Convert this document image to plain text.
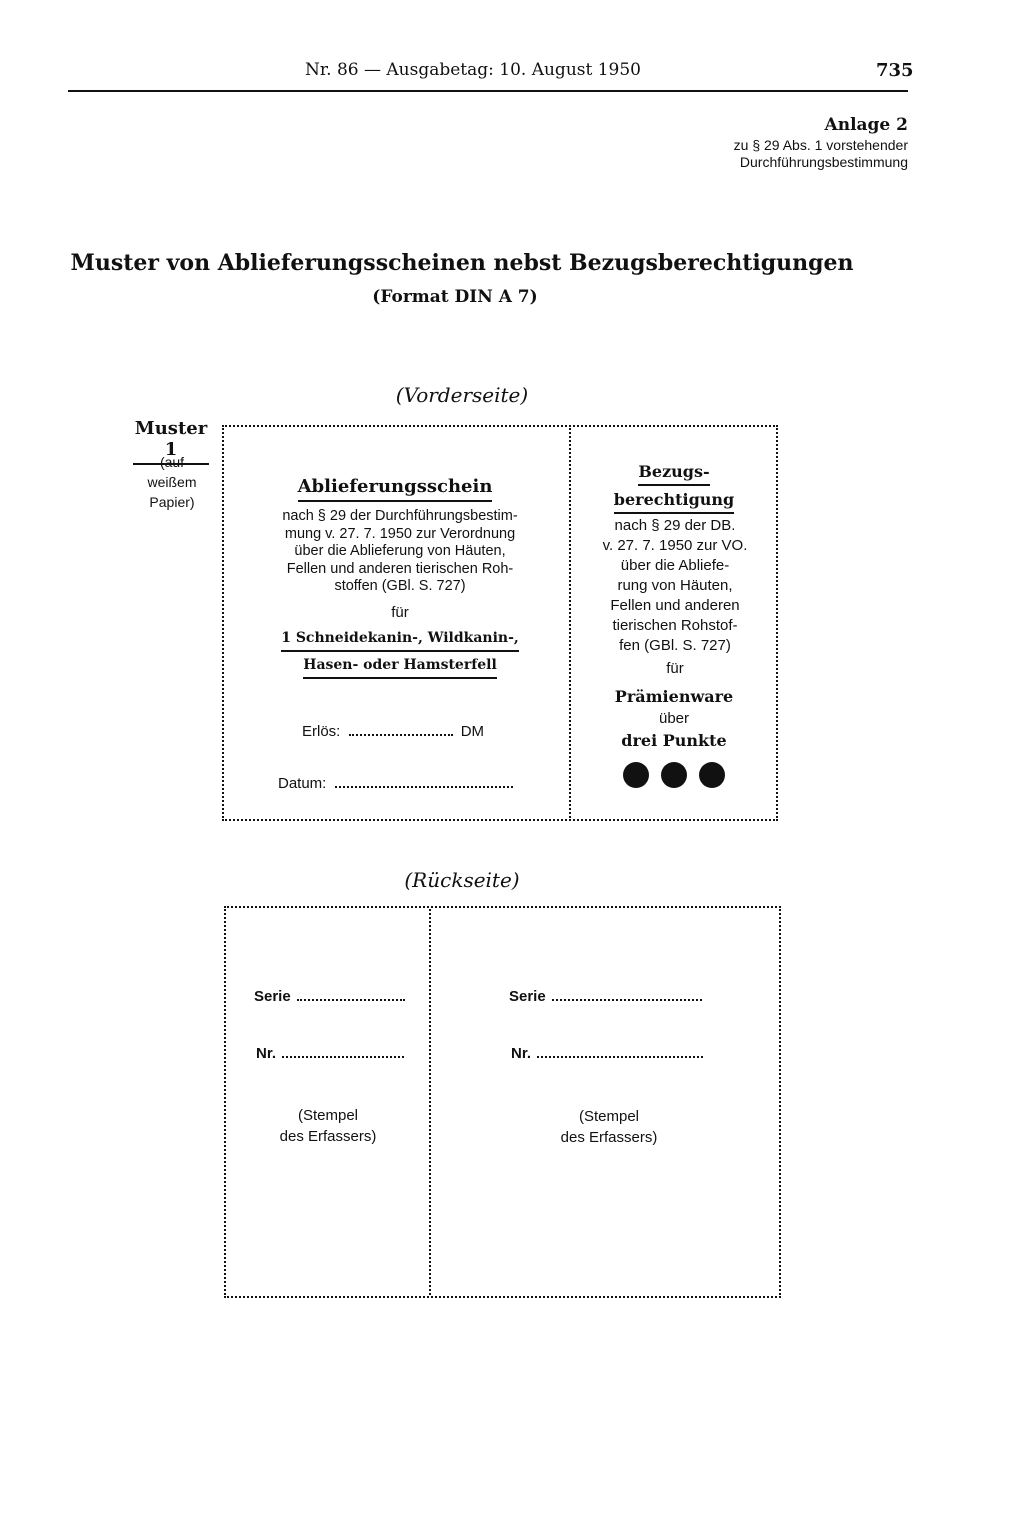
Nr. 86 — Ausgabetag: 10. August 1950	735
Anlage 2
zu § 29 Abs. 1 vorstehender
Durchführungsbestimmung
Muster von Ablieferungsscheinen nebst Bezugsberechtigungen
(Format DIN A 7)
(Vorderseite)
Muster 1
(auf
weißem
Papier)
Ablieferungsschein
nach § 29 der Durchführungsbestim-
mung v. 27. 7. 1950 zur Verordnung
über die Ablieferung von Häuten,
Fellen und anderen tierischen Roh-
stoffen (GBl. S. 727)
für
1 Schneidekanin-, Wildkanin-,
Hasen- oder Hamsterfell
Erlös:	DM
Datum:
Bezugs-
berechtigung
nach § 29 der DB.
v. 27. 7. 1950 zur VO.
über die Abliefe-
rung von Häuten,
Fellen und anderen
tierischen Rohstof-
fen (GBl. S. 727)
für
Prämienware
über
drei Punkte
(Rückseite)
Serie
Nr.
(Stempel
des Erfassers)
Serie
Nr.
(Stempel
des Erfassers)
